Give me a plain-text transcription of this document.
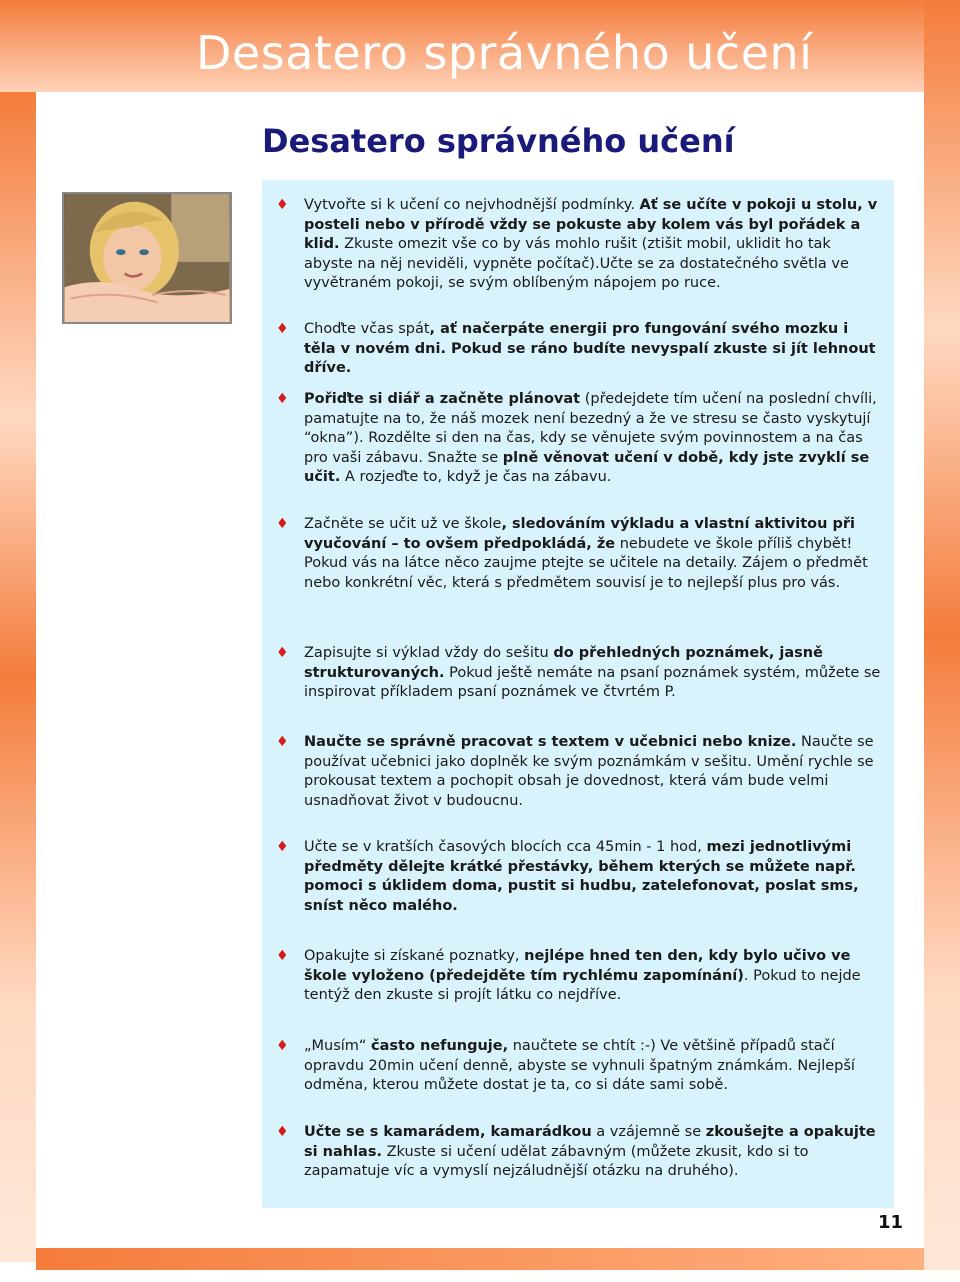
Desatero správného učení
Desatero správného učení
♦	Vytvořte si k učení co nejvhodnější podmínky. Ať se učíte v pokoji u stolu, v posteli nebo v přírodě vždy se pokuste aby kolem vás byl pořádek a klid. Zkuste omezit vše co by vás mohlo rušit (ztišit mobil, uklidit ho tak abyste na něj neviděli, vypněte počítač).Učte se za dostatečného světla ve vyvětraném pokoji, se svým oblíbeným nápojem po ruce.
♦	Choďte včas spát, ať načerpáte energii pro fungování svého mozku i těla v novém dni. Pokud se ráno budíte nevyspalí zkuste si jít lehnout dříve.
♦	Pořiďte si diář a začněte plánovat (předejdete tím učení na poslední chvíli, pamatujte na to, že náš mozek není bezedný a že ve stresu se často vyskytují “okna”). Rozdělte si den na čas, kdy se věnujete svým povinnostem a na čas pro vaši zábavu. Snažte se plně věnovat učení v době, kdy jste zvyklí se učit. A rozjeďte to, když je čas na zábavu.
♦	Začněte se učit už ve škole, sledováním výkladu a vlastní aktivitou při vyučování – to ovšem předpokládá, že nebudete ve škole příliš chybět! Pokud vás na látce něco zaujme ptejte se učitele na detaily. Zájem o předmět nebo konkrétní věc, která s předmětem souvisí je to nejlepší plus pro vás.
♦	Zapisujte si výklad vždy do sešitu do přehledných poznámek, jasně strukturovaných. Pokud ještě nemáte na psaní poznámek systém, můžete se inspirovat příkladem psaní poznámek ve čtvrtém P.
♦	Naučte se správně pracovat s textem v učebnici nebo knize. Naučte se používat učebnici jako doplněk ke svým poznámkám v sešitu. Umění rychle se prokousat textem a pochopit obsah je dovednost, která vám bude velmi usnadňovat život v budoucnu.
♦	Učte se v kratších časových blocích cca 45min - 1 hod, mezi jednotlivými předměty dělejte krátké přestávky, během kterých se můžete např. pomoci s úklidem doma, pustit si hudbu, zatelefonovat, poslat sms, sníst něco malého.
♦	Opakujte si získané poznatky, nejlépe hned ten den, kdy bylo učivo ve škole vyloženo (předejděte tím rychlému zapomínání). Pokud to nejde tentýž den zkuste si projít látku co nejdříve.
♦	„Musím“ často nefunguje, naučtete se chtít :-) Ve většině případů stačí opravdu 20min učení denně, abyste se vyhnuli špatným známkám. Nejlepší odměna, kterou můžete dostat je ta, co si dáte sami sobě.
♦	Učte se s kamarádem, kamarádkou a vzájemně se zkoušejte a opakujte si nahlas. Zkuste si učení udělat zábavným (můžete zkusit, kdo si to zapamatuje víc a vymyslí nejzáludnější otázku na druhého).

11
